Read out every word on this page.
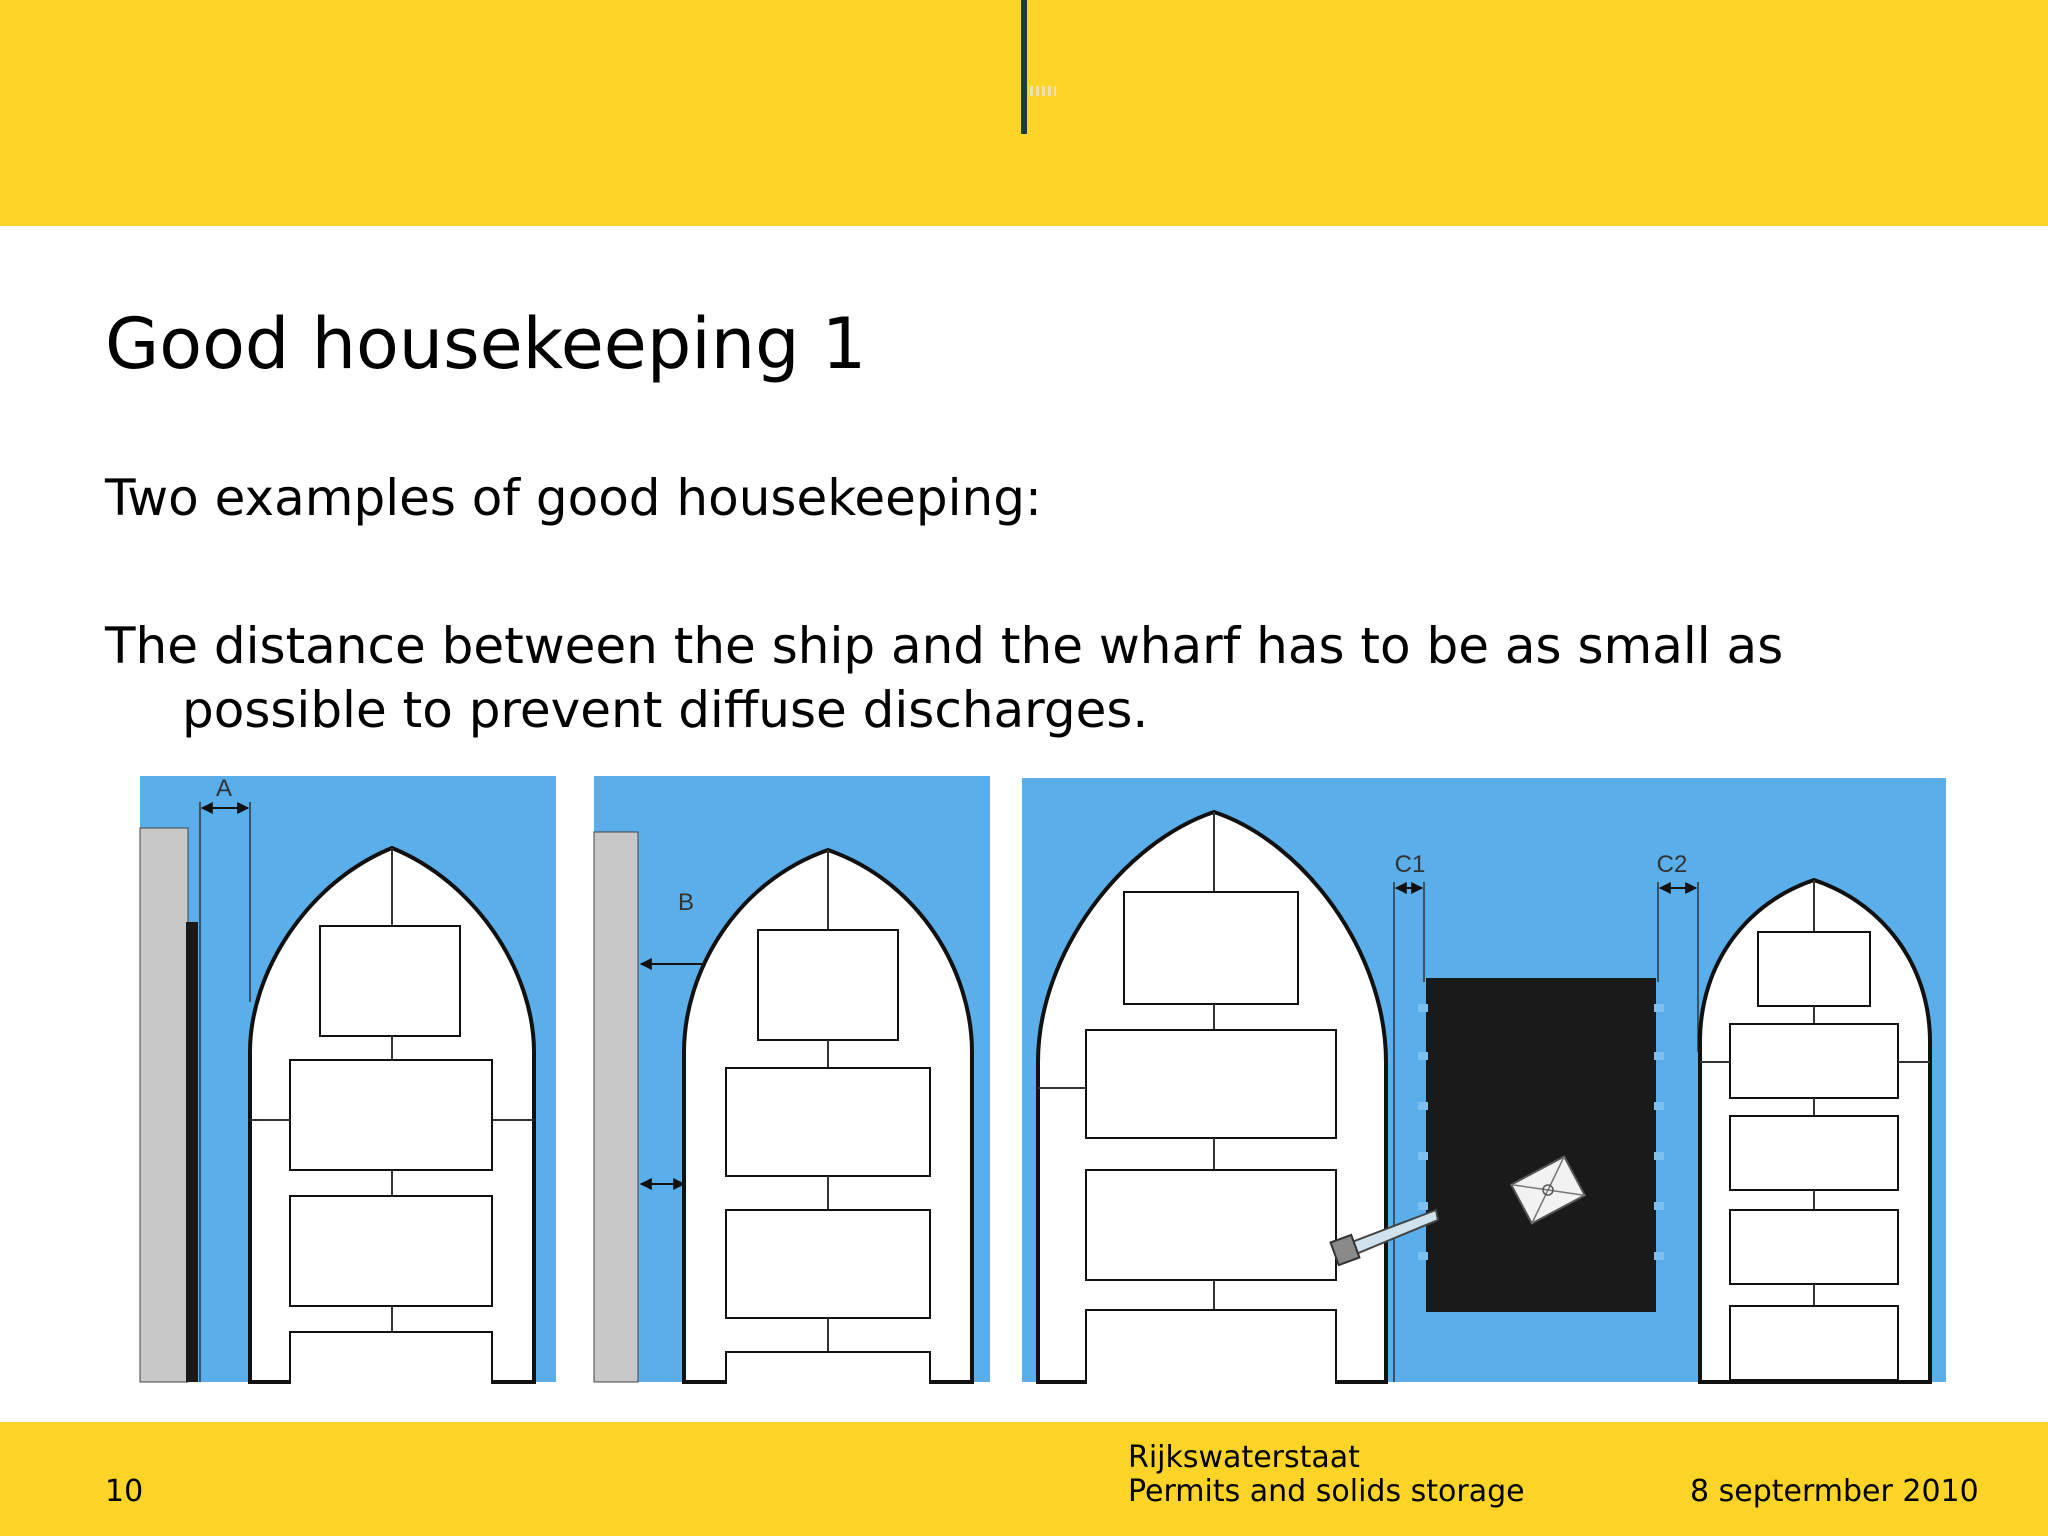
Good housekeeping 1
Two examples of good housekeeping:
The distance between the ship and the wharf has to be as small as
possible to prevent diffuse discharges.
A
B
C1	C2
10
Rijkswaterstaat
Permits and solids storage	8 septermber 2010
